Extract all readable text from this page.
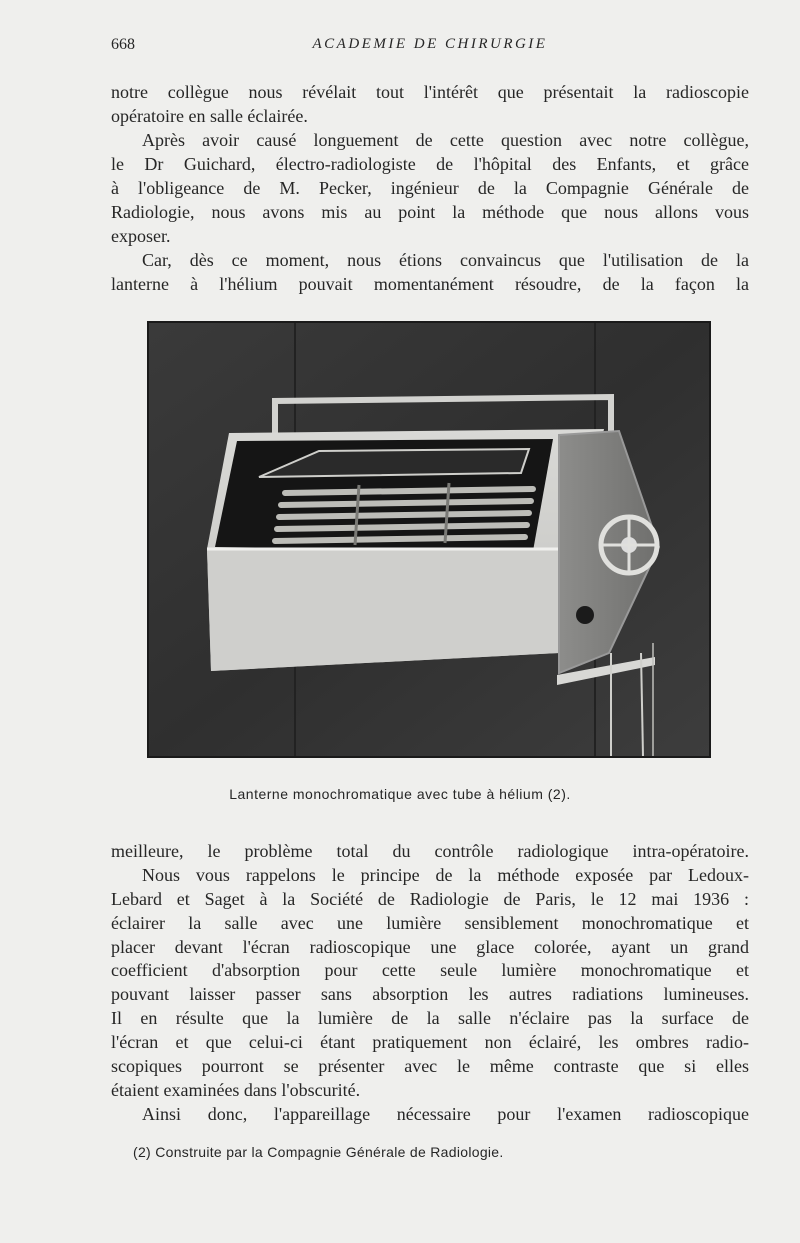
668	ACADEMIE DE CHIRURGIE
notre collègue nous révélait tout l'intérêt que présentait la radioscopie
opératoire en salle éclairée.
Après avoir causé longuement de cette question avec notre collègue,
le Dr Guichard, électro-radiologiste de l'hôpital des Enfants, et grâce
à l'obligeance de M. Pecker, ingénieur de la Compagnie Générale de
Radiologie, nous avons mis au point la méthode que nous allons vous
exposer.
Car, dès ce moment, nous étions convaincus que l'utilisation de la
lanterne à l'hélium pouvait momentanément résoudre, de la façon la
Lanterne monochromatique avec tube à hélium (2).
meilleure, le problème total du contrôle radiologique intra-opératoire.
Nous vous rappelons le principe de la méthode exposée par Ledoux-
Lebard et Saget à la Société de Radiologie de Paris, le 12 mai 1936 :
éclairer la salle avec une lumière sensiblement monochromatique et
placer devant l'écran radioscopique une glace colorée, ayant un grand
coefficient d'absorption pour cette seule lumière monochromatique et
pouvant laisser passer sans absorption les autres radiations lumineuses.
Il en résulte que la lumière de la salle n'éclaire pas la surface de
l'écran et que celui-ci étant pratiquement non éclairé, les ombres radio-
scopiques pourront se présenter avec le même contraste que si elles
étaient examinées dans l'obscurité.
Ainsi donc, l'appareillage nécessaire pour l'examen radioscopique
(2) Construite par la Compagnie Générale de Radiologie.
